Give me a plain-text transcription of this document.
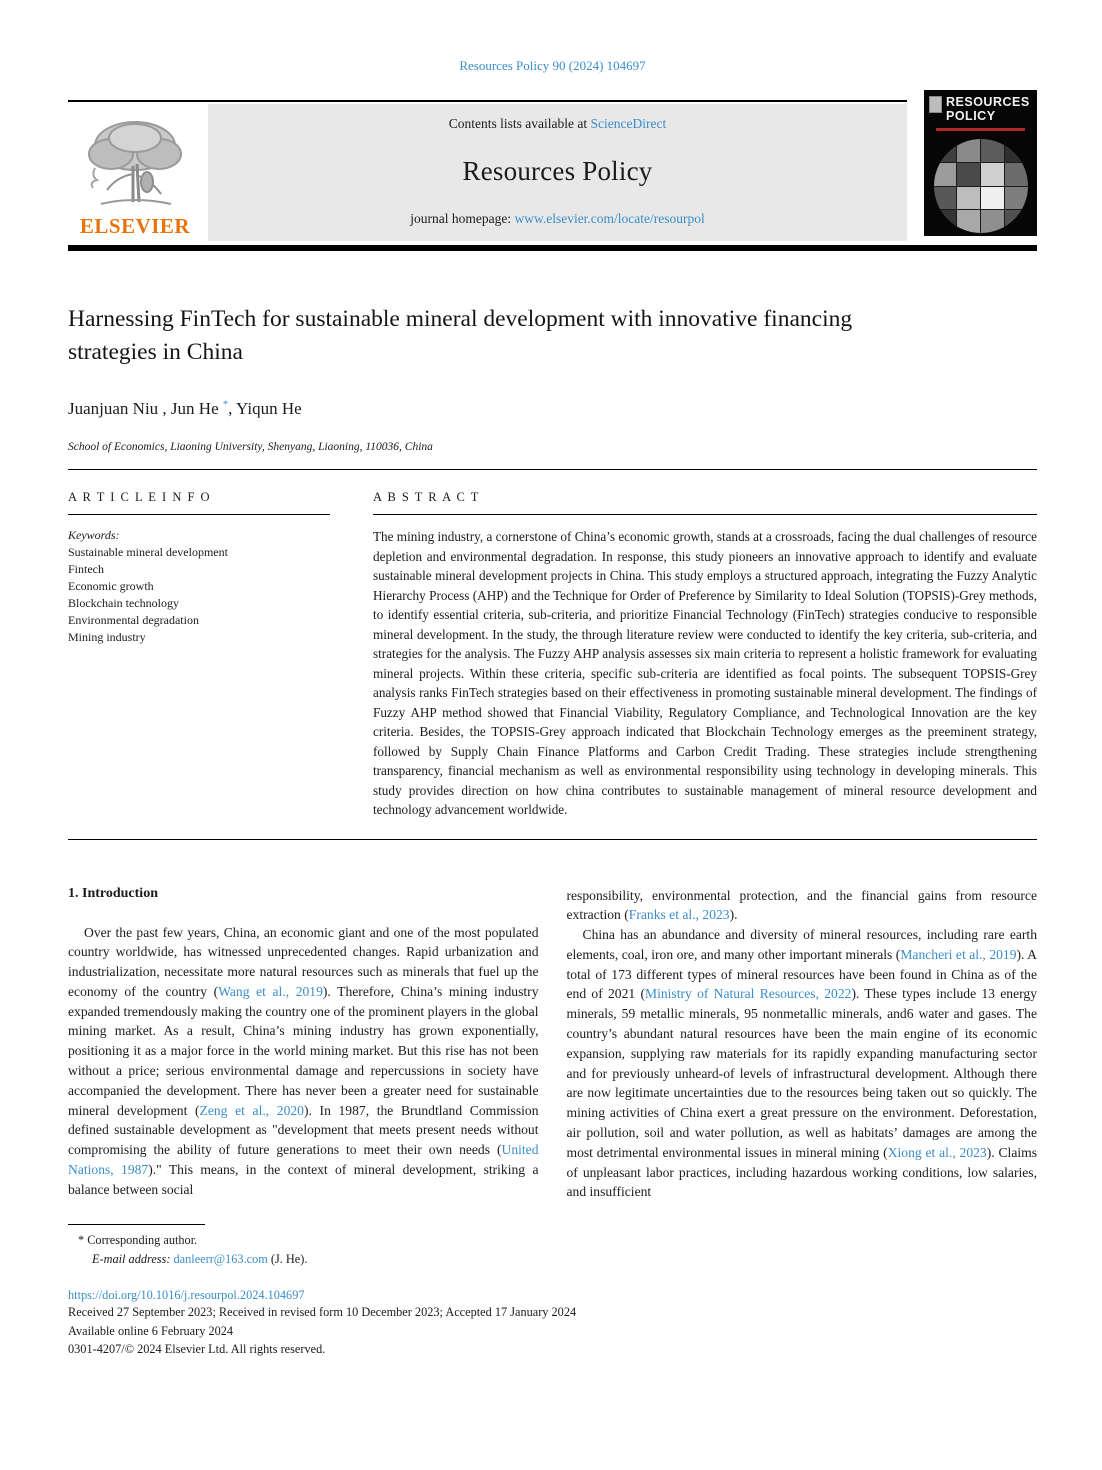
Resources Policy 90 (2024) 104697
ELSEVIER
Contents lists available at ScienceDirect
Resources Policy
journal homepage: www.elsevier.com/locate/resourpol
RESOURCES
POLICY
Harnessing FinTech for sustainable mineral development with innovative financing strategies in China
Juanjuan Niu , Jun He *, Yiqun He
School of Economics, Liaoning University, Shenyang, Liaoning, 110036, China
A R T I C L E I N F O
Keywords:
Sustainable mineral development
Fintech
Economic growth
Blockchain technology
Environmental degradation
Mining industry
A B S T R A C T
The mining industry, a cornerstone of China’s economic growth, stands at a crossroads, facing the dual challenges of resource depletion and environmental degradation. In response, this study pioneers an innovative approach to identify and evaluate sustainable mineral development projects in China. This study employs a structured approach, integrating the Fuzzy Analytic Hierarchy Process (AHP) and the Technique for Order of Preference by Similarity to Ideal Solution (TOPSIS)-Grey methods, to identify essential criteria, sub-criteria, and prioritize Financial Technology (FinTech) strategies conducive to responsible mineral development. In the study, the through literature review were conducted to identify the key criteria, sub-criteria, and strategies for the analysis. The Fuzzy AHP analysis assesses six main criteria to represent a holistic framework for evaluating mineral projects. Within these criteria, specific sub-criteria are identified as focal points. The subsequent TOPSIS-Grey analysis ranks FinTech strategies based on their effectiveness in promoting sustainable mineral development. The findings of Fuzzy AHP method showed that Financial Viability, Regulatory Compliance, and Technological Innovation are the key criteria. Besides, the TOPSIS-Grey approach indicated that Blockchain Technology emerges as the preeminent strategy, followed by Supply Chain Finance Platforms and Carbon Credit Trading. These strategies include strengthening transparency, financial mechanism as well as environmental responsibility using technology in developing minerals. This study provides direction on how china contributes to sustainable management of mineral resource development and technology advancement worldwide.
1. Introduction
Over the past few years, China, an economic giant and one of the most populated country worldwide, has witnessed unprecedented changes. Rapid urbanization and industrialization, necessitate more natural resources such as minerals that fuel up the economy of the country (Wang et al., 2019). Therefore, China’s mining industry expanded tremendously making the country one of the prominent players in the global mining market. As a result, China’s mining industry has grown exponentially, positioning it as a major force in the world mining market. But this rise has not been without a price; serious environmental damage and repercussions in society have accompanied the development. There has never been a greater need for sustainable mineral development (Zeng et al., 2020). In 1987, the Brundtland Commission defined sustainable development as "development that meets present needs without compromising the ability of future generations to meet their own needs (United Nations, 1987)." This means, in the context of mineral development, striking a balance between social
responsibility, environmental protection, and the financial gains from resource extraction (Franks et al., 2023).
China has an abundance and diversity of mineral resources, including rare earth elements, coal, iron ore, and many other important minerals (Mancheri et al., 2019). A total of 173 different types of mineral resources have been found in China as of the end of 2021 (Ministry of Natural Resources, 2022). These types include 13 energy minerals, 59 metallic minerals, 95 nonmetallic minerals, and6 water and gases. The country’s abundant natural resources have been the main engine of its economic expansion, supplying raw materials for its rapidly expanding manufacturing sector and for previously unheard-of levels of infrastructural development. Although there are now legitimate uncertainties due to the resources being taken out so quickly. The mining activities of China exert a great pressure on the environment. Deforestation, air pollution, soil and water pollution, as well as habitats’ damages are among the most detrimental environmental issues in mineral mining (Xiong et al., 2023). Claims of unpleasant labor practices, including hazardous working conditions, low salaries, and insufficient
* Corresponding author.
E-mail address: danleerr@163.com (J. He).
https://doi.org/10.1016/j.resourpol.2024.104697
Received 27 September 2023; Received in revised form 10 December 2023; Accepted 17 January 2024
Available online 6 February 2024
0301-4207/© 2024 Elsevier Ltd. All rights reserved.
